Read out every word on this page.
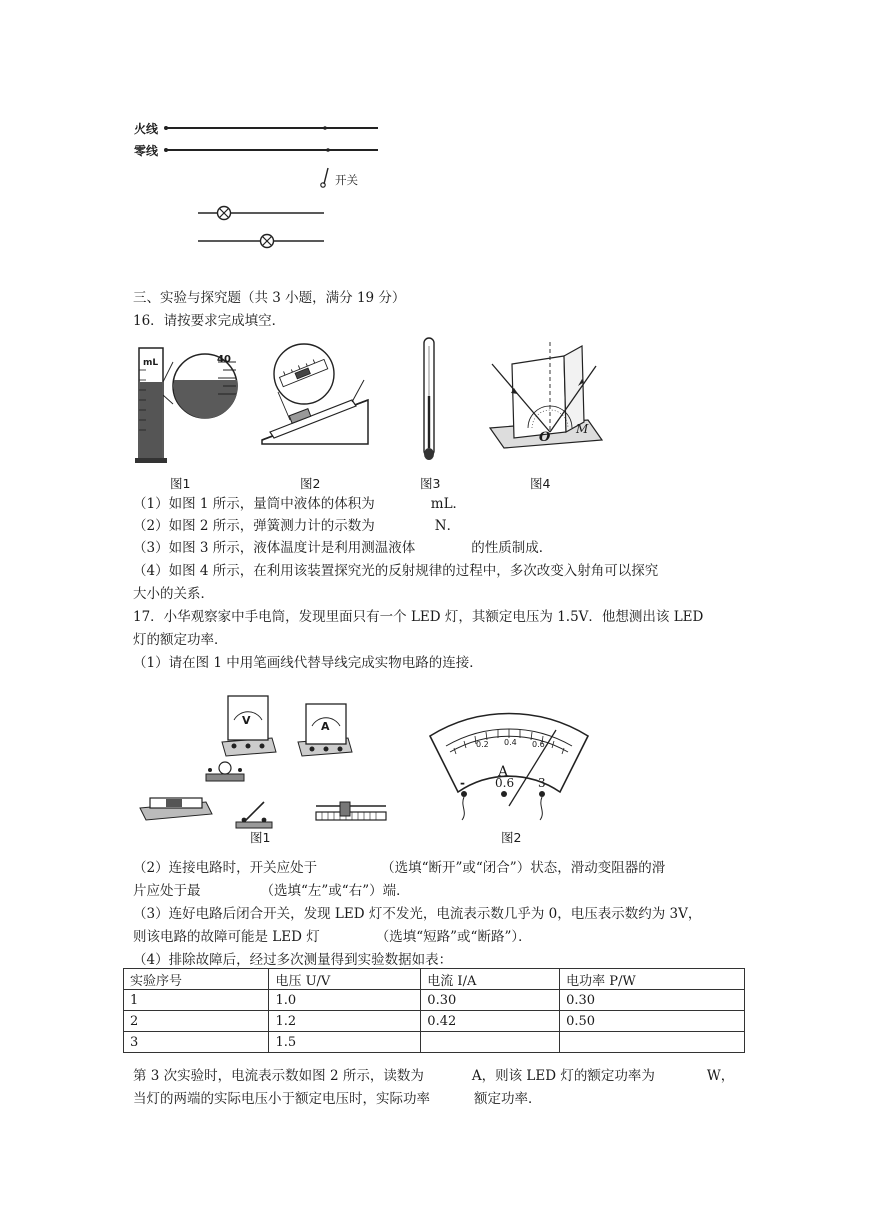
火线
零线
开关
三、实验与探究题（共 3 小题，满分 19 分）
16．请按要求完成填空．
mL	40
图1	图2	图3
O
M
图4
（1）如图 1 所示，量筒中液体的体积为	mL．
（2）如图 2 所示，弹簧测力计的示数为	N．
（3）如图 3 所示，液体温度计是利用测温液体	的性质制成．
（4）如图 4 所示，在利用该装置探究光的反射规律的过程中，多次改变入射角可以探究
大小的关系．
17．小华观察家中手电筒，发现里面只有一个 LED 灯，其额定电压为 1.5V．他想测出该 LED
灯的额定功率．
（1）请在图 1 中用笔画线代替导线完成实物电路的连接．
V	A
图1
0.2 0.4 0.6
A
-	0.6 3
图2
（2）连接电路时，开关应处于	（选填“断开”或“闭合”）状态，滑动变阻器的滑
片应处于最	（选填“左”或“右”）端．
（3）连好电路后闭合开关，发现 LED 灯不发光，电流表示数几乎为 0，电压表示数约为 3V，
则该电路的故障可能是 LED 灯	（选填“短路”或“断路”）．
（4）排除故障后，经过多次测量得到实验数据如表：
实验序号	电压 U/V	电流 I/A	电功率 P/W
1	1.0	0.30	0.30
2	1.2	0.42	0.50
3	1.5		
第 3 次实验时，电流表示数如图 2 所示，读数为	A，则该 LED 灯的额定功率为	W，
当灯的两端的实际电压小于额定电压时，实际功率	额定功率．
